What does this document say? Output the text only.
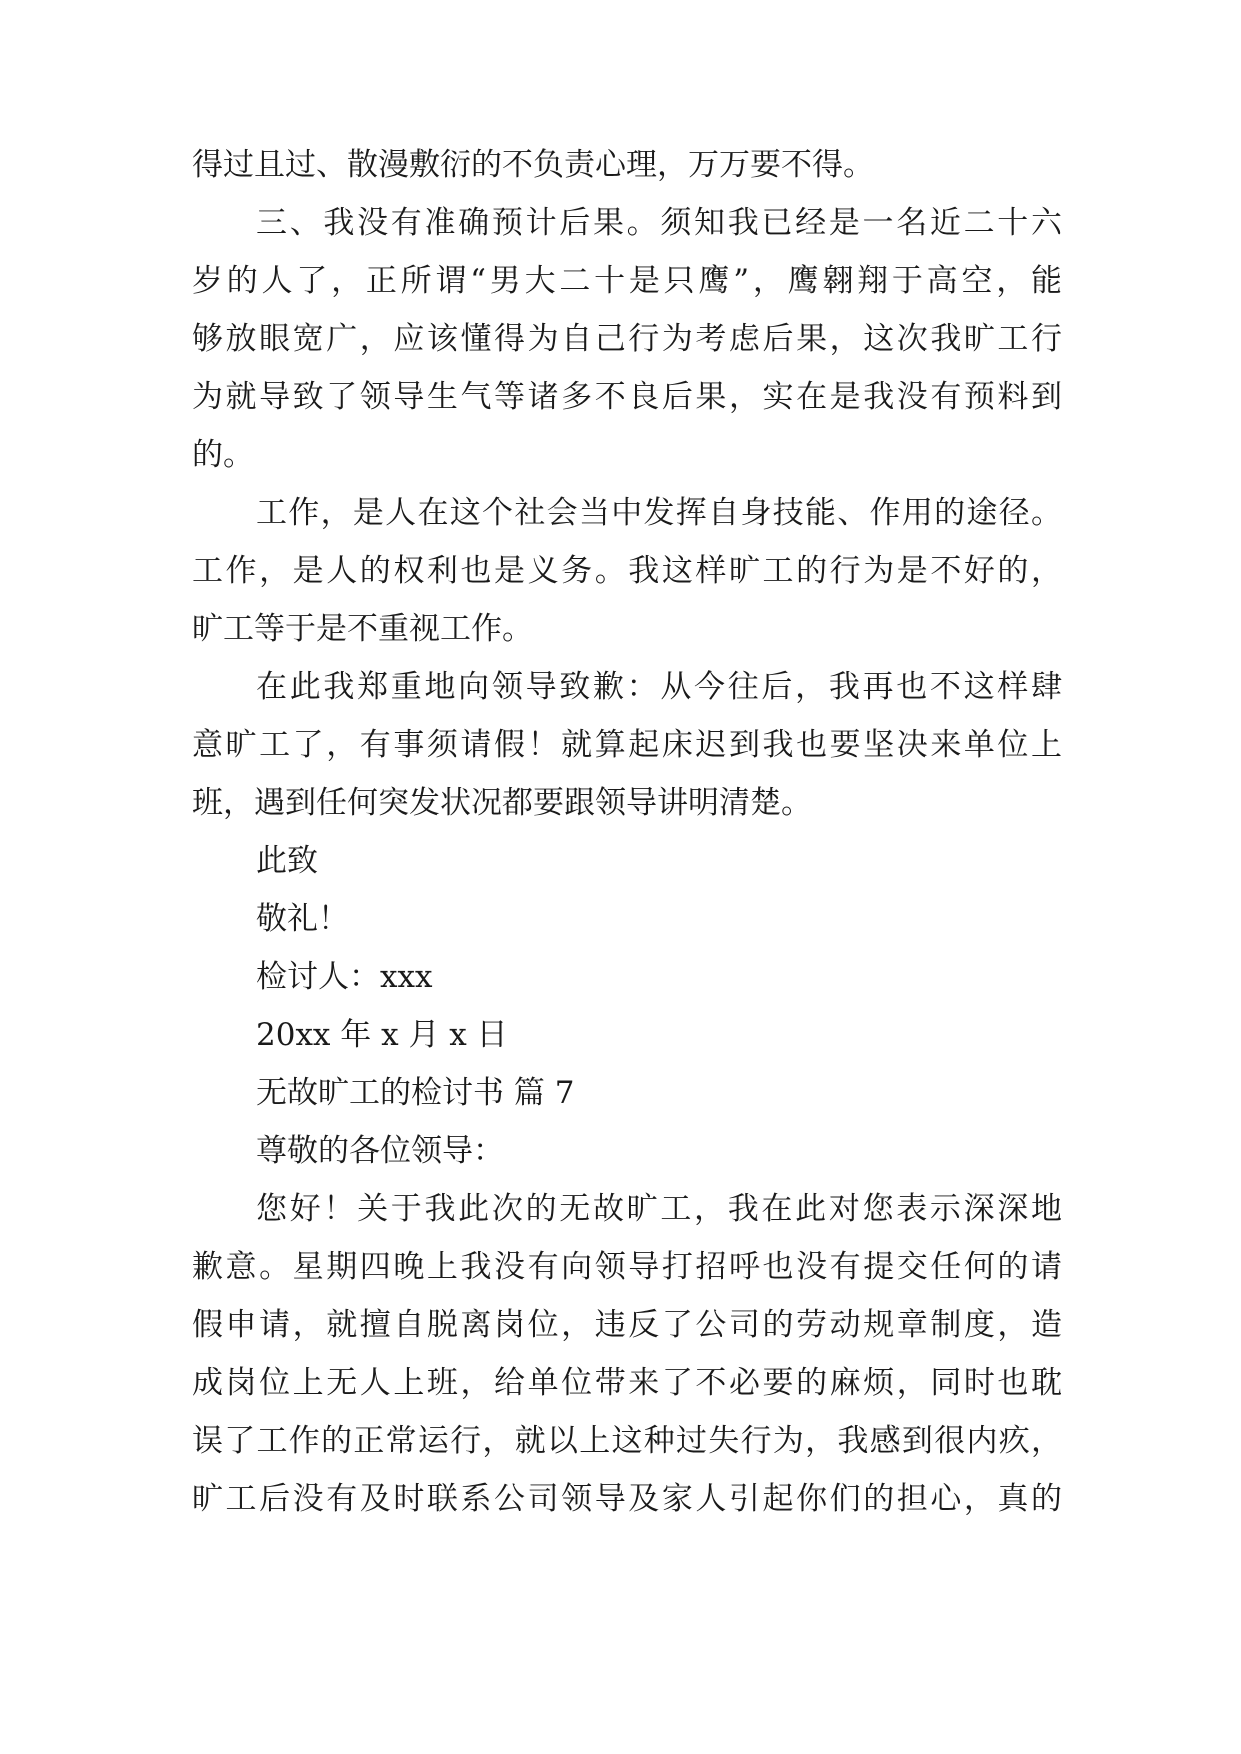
得过且过、散漫敷衍的不负责心理，万万要不得。
三、我没有准确预计后果。须知我已经是一名近二十六
岁的人了，正所谓“男大二十是只鹰”，鹰翱翔于高空，能
够放眼宽广，应该懂得为自己行为考虑后果，这次我旷工行
为就导致了领导生气等诸多不良后果，实在是我没有预料到
的。
工作，是人在这个社会当中发挥自身技能、作用的途径。
工作，是人的权利也是义务。我这样旷工的行为是不好的，
旷工等于是不重视工作。
在此我郑重地向领导致歉：从今往后，我再也不这样肆
意旷工了，有事须请假！就算起床迟到我也要坚决来单位上
班，遇到任何突发状况都要跟领导讲明清楚。
此致
敬礼！
检讨人：xxx
20xx 年 x 月 x 日
无故旷工的检讨书 篇 7
尊敬的各位领导：
您好！关于我此次的无故旷工，我在此对您表示深深地
歉意。星期四晚上我没有向领导打招呼也没有提交任何的请
假申请，就擅自脱离岗位，违反了公司的劳动规章制度，造
成岗位上无人上班，给单位带来了不必要的麻烦，同时也耽
误了工作的正常运行，就以上这种过失行为，我感到很内疚，
旷工后没有及时联系公司领导及家人引起你们的担心，真的
